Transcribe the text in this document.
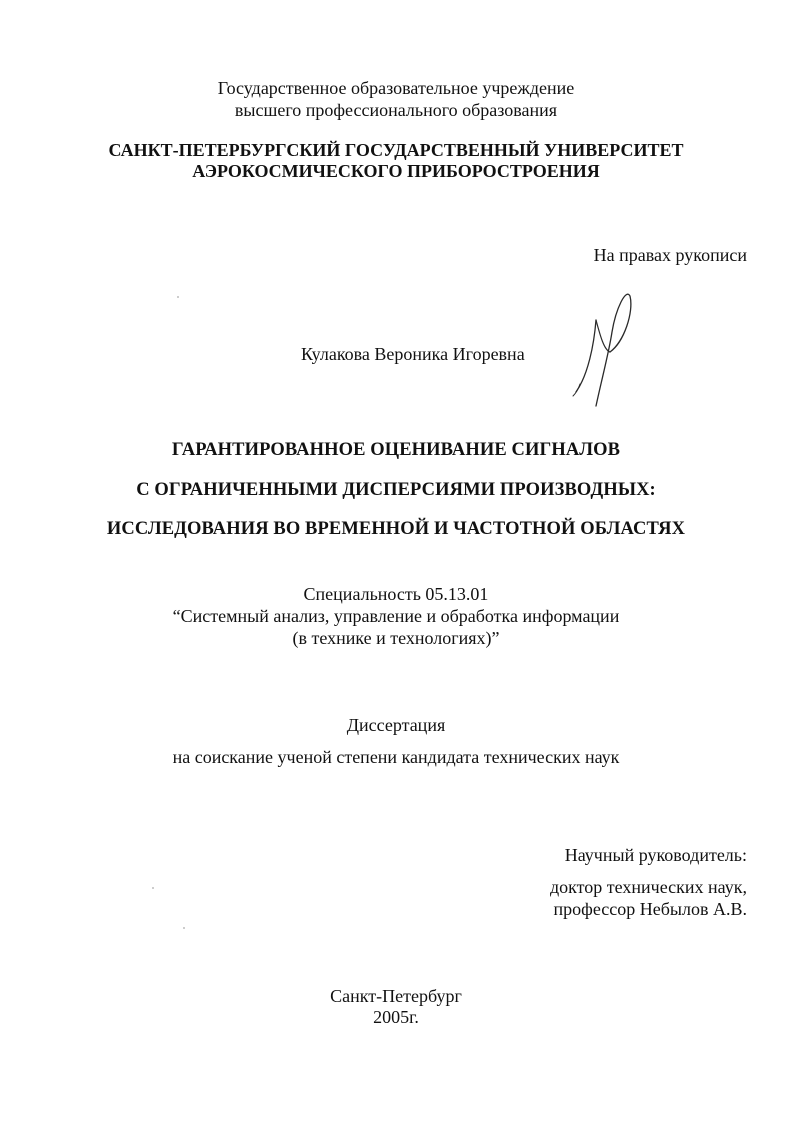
Государственное образовательное учреждение
высшего профессионального образования
САНКТ-ПЕТЕРБУРГСКИЙ ГОСУДАРСТВЕННЫЙ УНИВЕРСИТЕТ
АЭРОКОСМИЧЕСКОГО ПРИБОРОСТРОЕНИЯ
На правах рукописи
Кулакова Вероника Игоревна
ГАРАНТИРОВАННОЕ ОЦЕНИВАНИЕ СИГНАЛОВ
С ОГРАНИЧЕННЫМИ ДИСПЕРСИЯМИ ПРОИЗВОДНЫХ:
ИССЛЕДОВАНИЯ ВО ВРЕМЕННОЙ И ЧАСТОТНОЙ ОБЛАСТЯХ
Специальность 05.13.01
“Системный анализ, управление и обработка информации
(в технике и технологиях)”
Диссертация
на соискание ученой степени кандидата технических наук
Научный руководитель:
доктор технических наук,
профессор Небылов А.В.
Санкт-Петербург
2005г.
